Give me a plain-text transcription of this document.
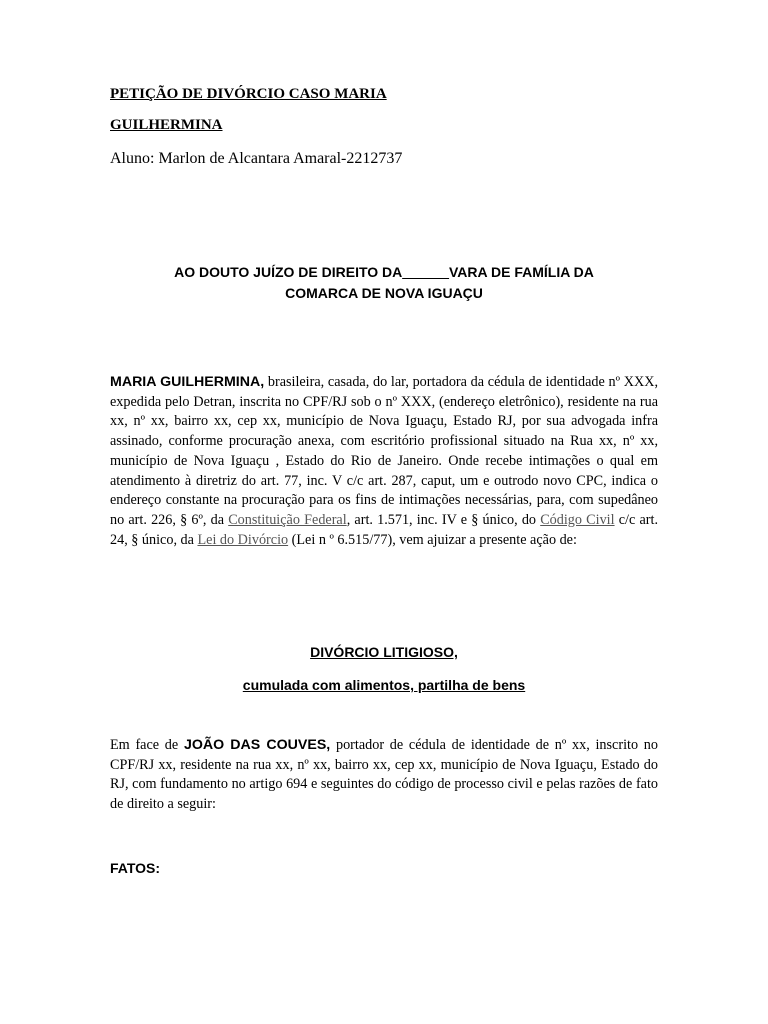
PETIÇÃO DE DIVÓRCIO CASO MARIA
GUILHERMINA
Aluno: Marlon de Alcantara Amaral-2212737
AO DOUTO JUÍZO DE DIREITO DA______VARA DE FAMÍLIA DA
COMARCA DE NOVA IGUAÇU
MARIA GUILHERMINA, brasileira, casada, do lar, portadora da cédula de identidade nº XXX, expedida pelo Detran, inscrita no CPF/RJ sob o nº XXX, (endereço eletrônico), residente na rua xx, nº xx, bairro xx, cep xx, município de Nova Iguaçu, Estado RJ, por sua advogada infra assinado, conforme procuração anexa, com escritório profissional situado na Rua xx, nº xx, município de Nova Iguaçu , Estado do Rio de Janeiro. Onde recebe intimações o qual em atendimento à diretriz do art. 77, inc. V c/c art. 287, caput, um e outrodo novo CPC, indica o endereço constante na procuração para os fins de intimações necessárias, para, com supedâneo no art. 226, § 6º, da Constituição Federal, art. 1.571, inc. IV e § único, do Código Civil c/c art. 24, § único, da Lei do Divórcio (Lei n º 6.515/77), vem ajuizar a presente ação de:
DIVÓRCIO LITIGIOSO,
cumulada com alimentos, partilha de bens
Em face de JOÃO DAS COUVES, portador de cédula de identidade de nº xx, inscrito no CPF/RJ xx, residente na rua xx, nº xx, bairro xx, cep xx, município de Nova Iguaçu, Estado do RJ, com fundamento no artigo 694 e seguintes do código de processo civil e pelas razões de fato de direito a seguir:
FATOS:
